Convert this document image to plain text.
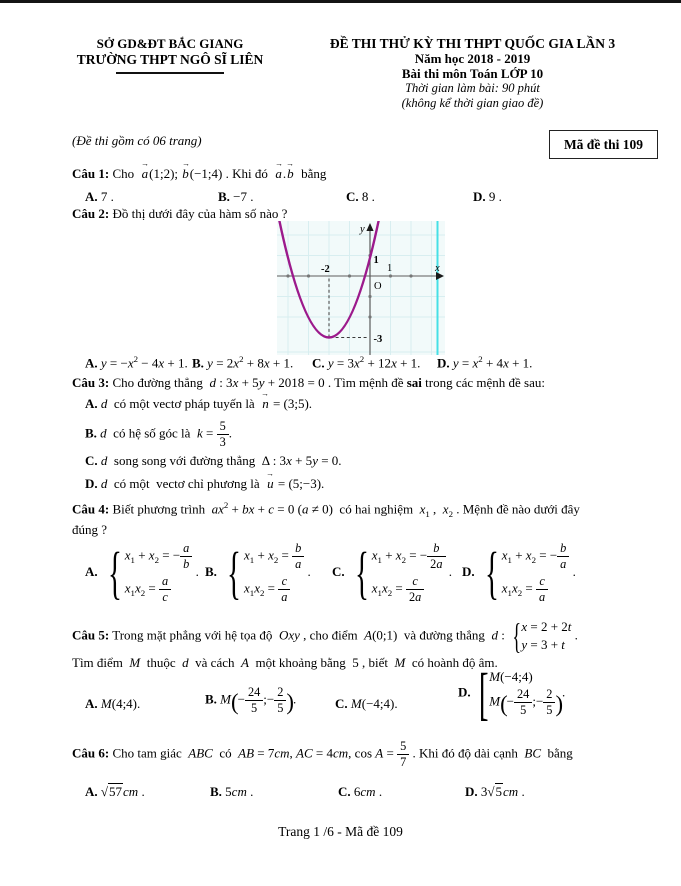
SỞ GD&ĐT BẮC GIANG
TRƯỜNG THPT NGÔ SĨ LIÊN
ĐỀ THI THỬ KỲ THI THPT QUỐC GIA LẦN 3
Năm học 2018 - 2019
Bài thi môn Toán LỚP 10
Thời gian làm bài: 90 phút
(không kể thời gian giao đề)
(Đề thi gồm có 06 trang)	Mã đề thi 109
Câu 1: Cho  → a(1;2); → b(−1;4) . Khi đó  → a.→ b  bằng
A. 7 .	B. −7 .	C. 8 .	D. 9 .
Câu 2: Đồ thị dưới đây của hàm số nào ?
y
x
O
1
1
-2
-3
A. $y = -x^2 - 4x + 1$. B. $y = 2x^2 + 8x + 1$. C. $y = 3x^2 + 12x + 1$. D. $y = x^2 + 4x + 1$.
Câu 3: Cho đường thẳng  d : 3x + 5y + 2018 = 0 . Tìm mệnh đề sai trong các mệnh đề sau:
A. d  có một vectơ pháp tuyến là  → n = (3;5).
B. d  có hệ số góc là  $k = \frac{5}{3}$ .
C. d  song song với đường thẳng  Δ : 3x + 5y = 0.
D. d  có một  vectơ chỉ phương là  → u = (5;−3).
Câu 4: Biết phương trình  $ax^2$ + bx + c = 0 (a ≠ 0)  có hai nghiệm  $x_1$ ,  $x_2$ . Mệnh đề nào dưới đây
đúng ?
A. { $x_1 + x_2$ = − $\frac{a}{b}$
$x_1x_2 = \frac{a}{c}$
. B. { $x_1 + x_2 = \frac{b}{a}$
$x_1x_2 = \frac{c}{a}$
. C. { $x_1 + x_2$ = − $\frac{b}{2a}$
$x_1x_2 = \frac{c}{2a}$
. D. { $x_1 + x_2$ = − $\frac{b}{a}$
$x_1x_2 = \frac{c}{a}$
.
Câu 5: Trong mặt phẳng với hệ tọa độ  Oxy , cho điểm  A(0;1)  và đường thẳng  d : { x = 2 + 2t
y = 3 + t
.
Tìm điểm  M  thuộc  d  và cách  A  một khoảng bằng  5 , biết  M  có hoành độ âm.
A. M(4;4).	B. $M(- \frac{24}{5}$ ;− $\frac{2}{5}$ ).	C. M(−4;4).
D. [ M(−4;4)
$M(- \frac{24}{5}$ ;− $\frac{2}{5}$ ) .
Câu 6: Cho tam giác  ABC  có  AB = 7cm, AC = 4cm, $\cos A = \frac{5}{7}$ . Khi đó độ dài cạnh  BC  bằng
A. √57cm .	B. 5cm .	C. 6cm .	D. 3√5cm .
Trang 1 /6 - Mã đề 109
